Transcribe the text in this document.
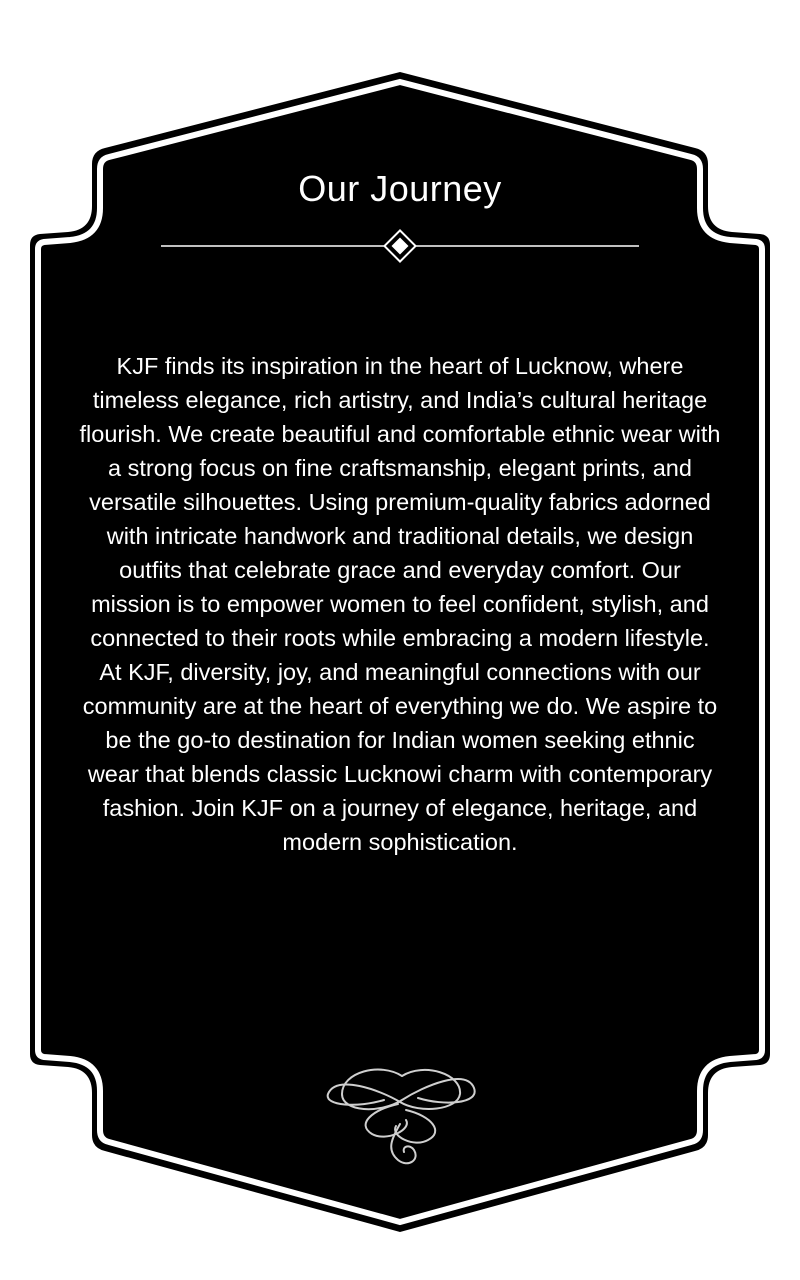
Our Journey

KJF finds its inspiration in the heart of Lucknow, where timeless elegance, rich artistry, and India’s cultural heritage flourish. We create beautiful and comfortable ethnic wear with a strong focus on fine craftsmanship, elegant prints, and versatile silhouettes. Using premium-quality fabrics adorned with intricate handwork and traditional details, we design outfits that celebrate grace and everyday comfort. Our mission is to empower women to feel confident, stylish, and connected to their roots while embracing a modern lifestyle. At KJF, diversity, joy, and meaningful connections with our community are at the heart of everything we do. We aspire to be the go-to destination for Indian women seeking ethnic wear that blends classic Lucknowi charm with contemporary fashion. Join KJF on a journey of elegance, heritage, and modern sophistication.
